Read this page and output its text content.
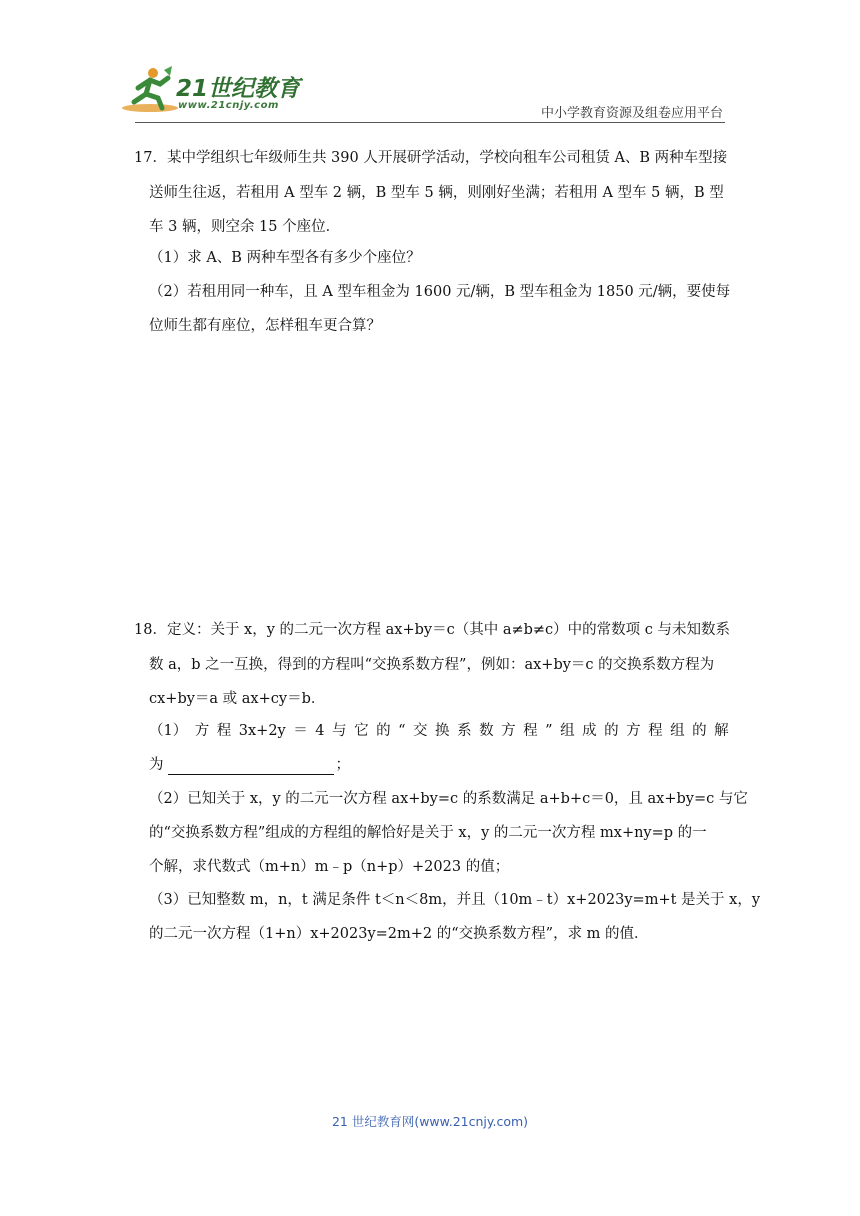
21世纪教育
www.21cnjy.com
中小学教育资源及组卷应用平台
17．某中学组织七年级师生共 390 人开展研学活动，学校向租车公司租赁 A、B 两种车型接
送师生往返，若租用 A 型车 2 辆，B 型车 5 辆，则刚好坐满；若租用 A 型车 5 辆，B 型
车 3 辆，则空余 15 个座位．
（1）求 A、B 两种车型各有多少个座位？
（2）若租用同一种车，且 A 型车租金为 1600 元/辆，B 型车租金为 1850 元/辆，要使每
位师生都有座位，怎样租车更合算？
18．定义：关于 x，y 的二元一次方程 ax+by＝c（其中 a≠b≠c）中的常数项 c 与未知数系
数 a，b 之一互换，得到的方程叫“交换系数方程”，例如：ax+by＝c 的交换系数方程为
cx+by＝a 或 ax+cy＝b．
（1） 方 程 3x+2y ＝ 4 与 它 的 “ 交 换 系 数 方 程 ” 组 成 的 方 程 组 的 解
为	；
（2）已知关于 x，y 的二元一次方程 ax+by=c 的系数满足 a+b+c＝0，且 ax+by=c 与它
的“交换系数方程”组成的方程组的解恰好是关于 x，y 的二元一次方程 mx+ny=p 的一
个解，求代数式（m+n）m﹣p（n+p）+2023 的值；
（3）已知整数 m，n，t 满足条件 t＜n＜8m，并且（10m﹣t）x+2023y=m+t 是关于 x，y
的二元一次方程（1+n）x+2023y=2m+2 的“交换系数方程”，求 m 的值．
21 世纪教育网(www.21cnjy.com)
